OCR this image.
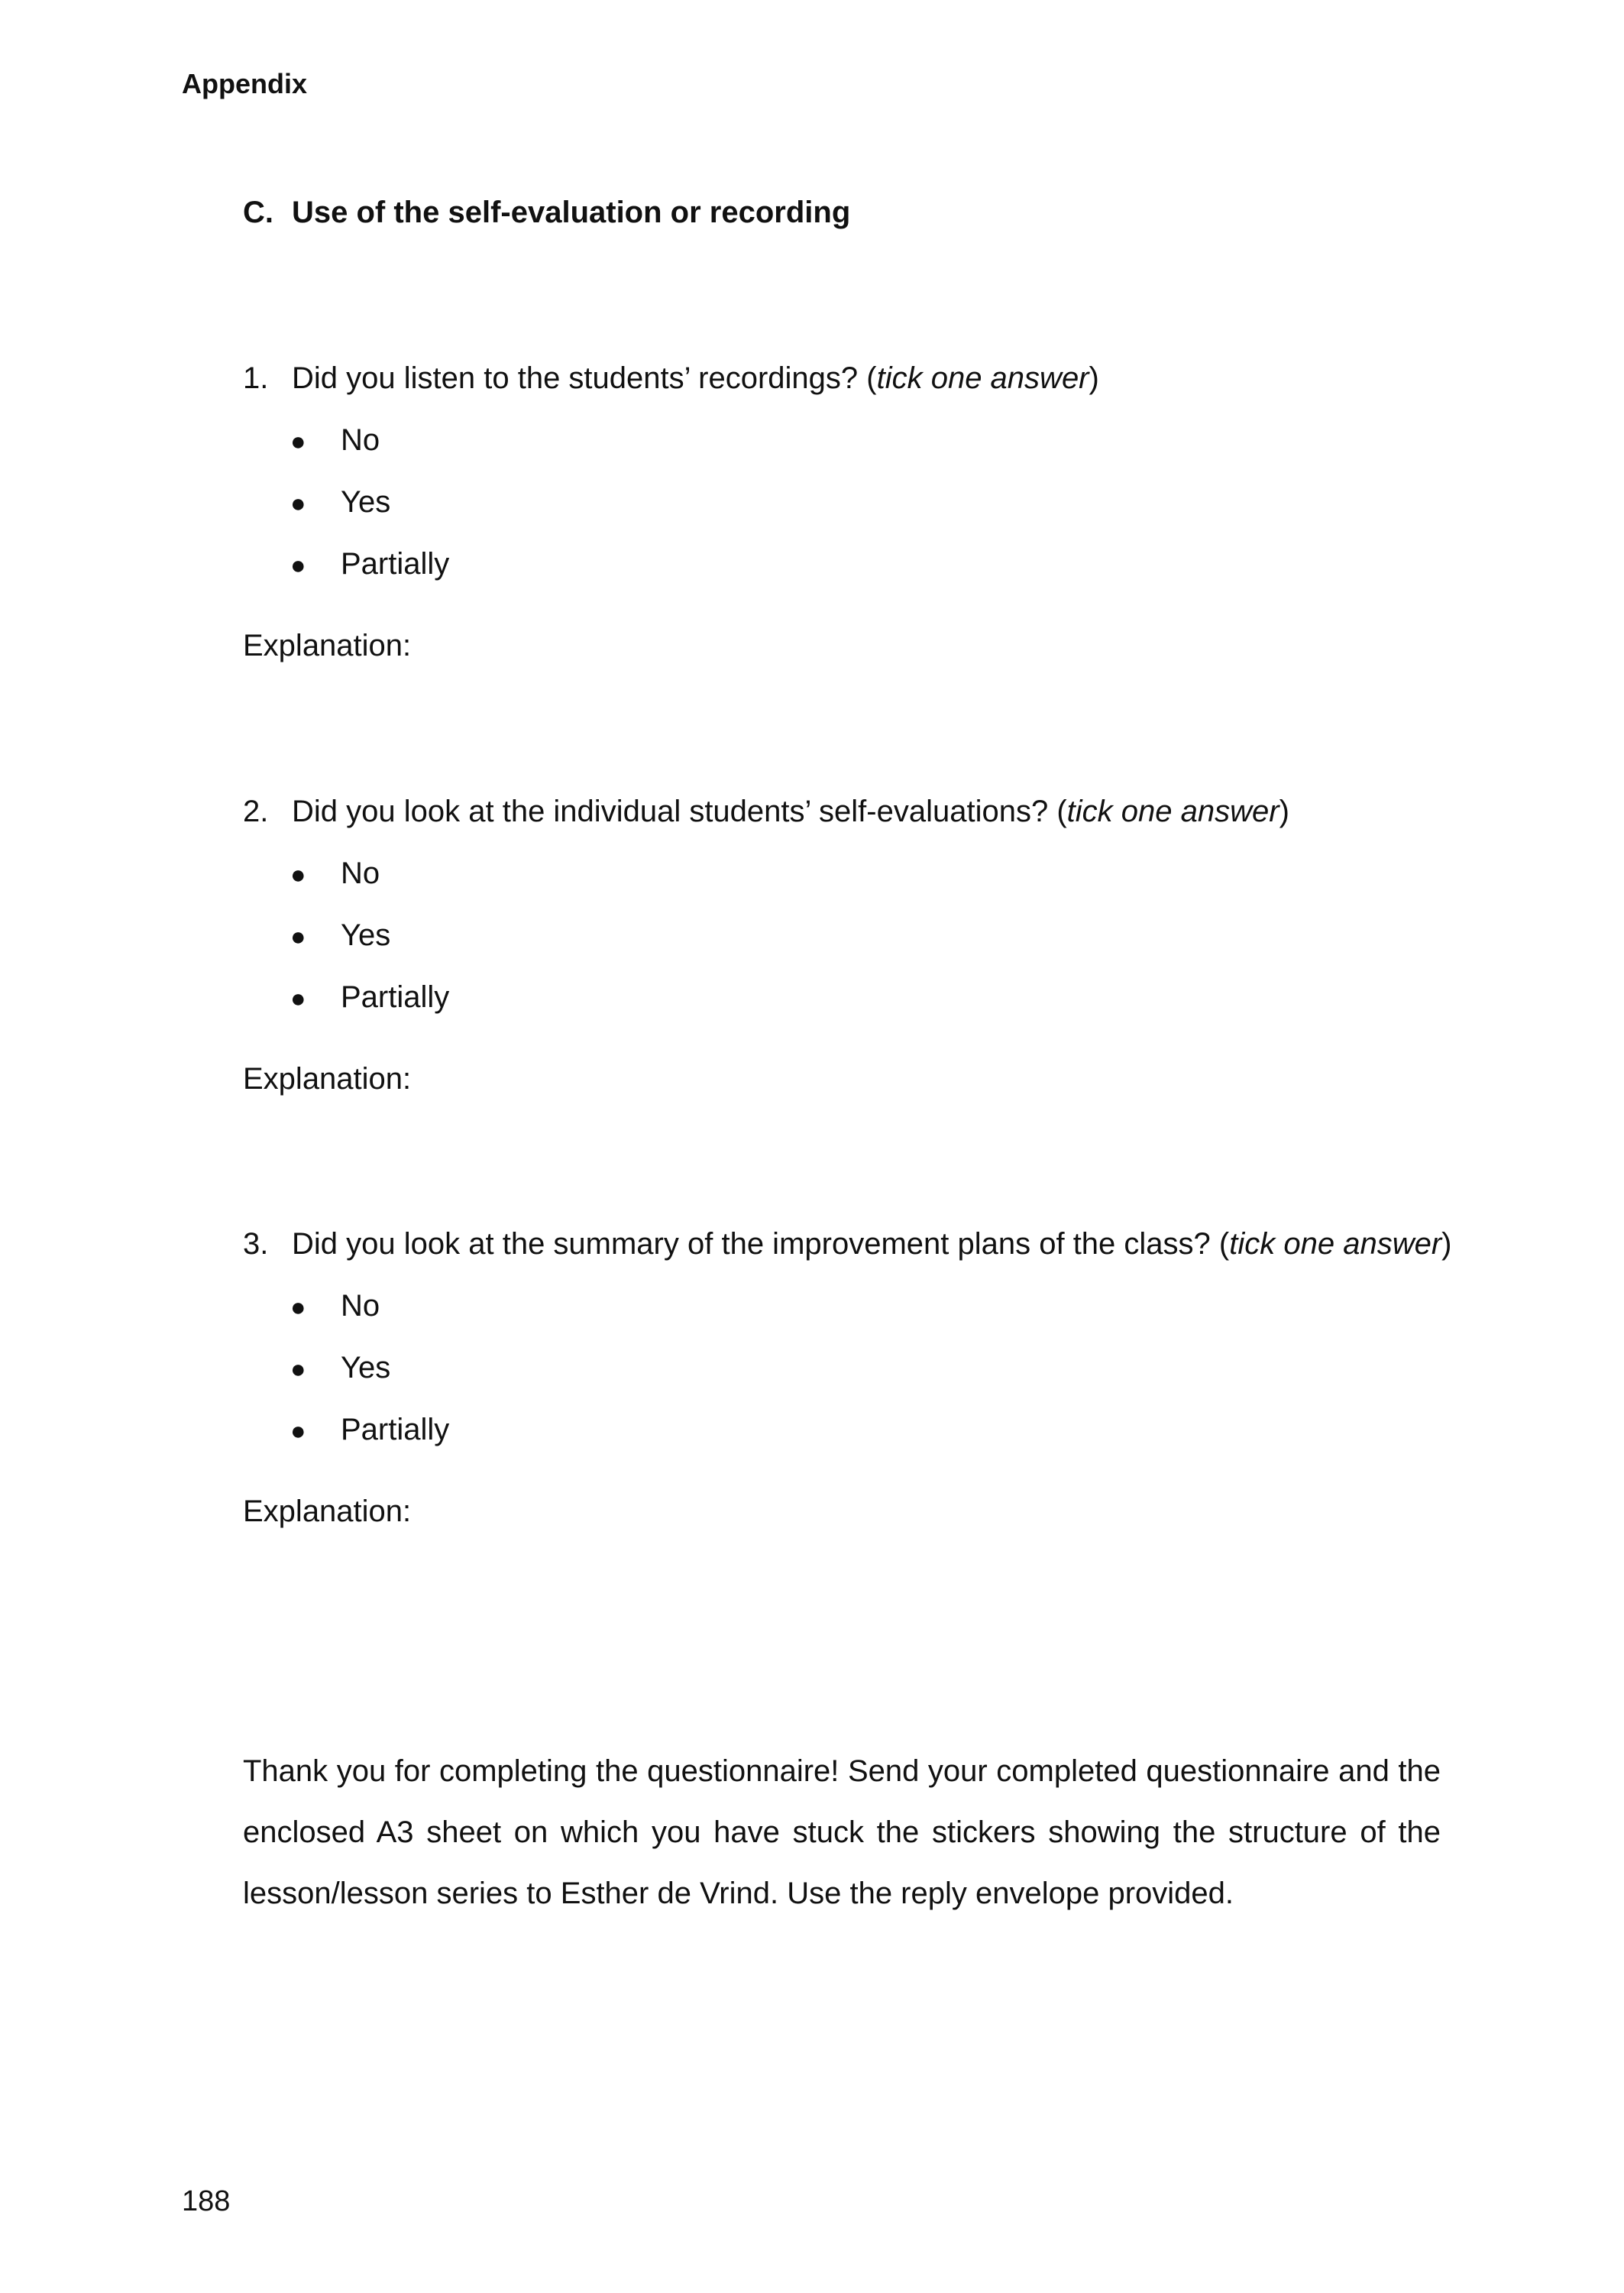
Appendix
C. Use of the self-evaluation or recording
1. Did you listen to the students’ recordings? (tick one answer)
● No
● Yes
● Partially
Explanation:
2. Did you look at the individual students’ self-evaluations? (tick one answer)
● No
● Yes
● Partially
Explanation:
3. Did you look at the summary of the improvement plans of the class? (tick one answer)
● No
● Yes
● Partially
Explanation:
Thank you for completing the questionnaire! Send your completed questionnaire and the enclosed A3 sheet on which you have stuck the stickers showing the structure of the lesson/lesson series to Esther de Vrind. Use the reply envelope provided.
188
